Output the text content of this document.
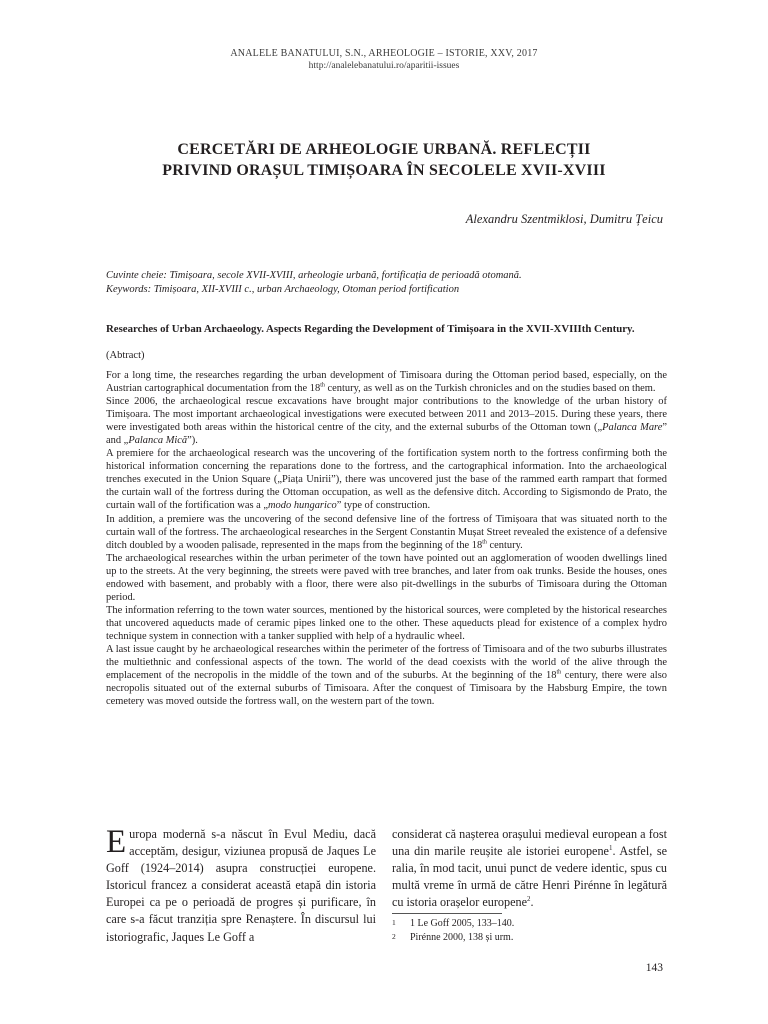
ANALELE BANATULUI, S.N., ARHEOLOGIE – ISTORIE, XXV, 2017
http://analelebanatului.ro/aparitii-issues
CERCETĂRI DE ARHEOLOGIE URBANĂ. REFLECȚII
PRIVIND ORAȘUL TIMIȘOARA ÎN SECOLELE XVII-XVIII
Alexandru Szentmiklosi, Dumitru Țeicu
Cuvinte cheie: Timișoara, secole XVII-XVIII, arheologie urbană, fortificația de perioadă otomană.
Keywords: Timișoara, XII-XVIII c., urban Archaeology, Otoman period fortification
Researches of Urban Archaeology. Aspects Regarding the Development of Timișoara in the XVII-XVIIIth Century.
(Abtract)

For a long time, the researches regarding the urban development of Timisoara during the Ottoman period based, especially, on the Austrian cartographical documentation from the 18th century, as well as on the Turkish chronicles and on the studies based on them.

Since 2006, the archaeological rescue excavations have brought major contributions to the knowledge of the urban history of Timișoara. The most important archaeological investigations were executed between 2011 and 2013–2015. During these years, there were investigated both areas within the historical centre of the city, and the external suburbs of the Ottoman town („Palanca Mare” and „Palanca Mică”).

A premiere for the archaeological research was the uncovering of the fortification system north to the fortress confirming both the historical information concerning the reparations done to the fortress, and the cartographical information. Into the archaeological trenches executed in the Union Square („Piața Unirii”), there was uncovered just the base of the rammed earth rampart that formed the curtain wall of the fortress during the Ottoman occupation, as well as the defensive ditch. According to Sigismondo de Prato, the curtain wall of the fortification was a „modo hungarico” type of construction.

In addition, a premiere was the uncovering of the second defensive line of the fortress of Timișoara that was situated north to the curtain wall of the fortress. The archaeological researches in the Sergent Constantin Mușat Street revealed the existence of a defensive ditch doubled by a wooden palisade, represented in the maps from the beginning of the 18th century.

The archaeological researches within the urban perimeter of the town have pointed out an agglomeration of wooden dwellings lined up to the streets. At the very beginning, the streets were paved with tree branches, and later from oak trunks. Beside the houses, ones endowed with basement, and probably with a floor, there were also pit-dwellings in the suburbs of Timisoara during the Ottoman period.

The information referring to the town water sources, mentioned by the historical sources, were completed by the historical researches that uncovered aqueducts made of ceramic pipes linked one to the other. These aqueducts plead for existence of a complex hydro technique system in connection with a tanker supplied with help of a hydraulic wheel.

A last issue caught by he archaeological researches within the perimeter of the fortress of Timisoara and of the two suburbs illustrates the multiethnic and confessional aspects of the town. The world of the dead coexists with the world of the alive through the emplacement of the necropolis in the middle of the town and of the suburbs. At the beginning of the 18th century, there were also necropolis situated out of the external suburbs of Timisoara. After the conquest of Timisoara by the Habsburg Empire, the town cemetery was moved outside the fortress wall, on the western part of the town.

Europa modernă s-a născut în Evul Mediu, dacă acceptăm, desigur, viziunea propusă de Jaques Le Goff (1924–2014) asupra construcției europene. Istoricul francez a considerat această etapă din istoria Europei ca pe o perioadă de progres și purificare, în care s-a făcut tranziția spre Renaștere. În discursul lui istoriografic, Jaques Le Goff a

considerat că nașterea orașului medieval european a fost una din marile reușite ale istoriei europene$^1$. Astfel, se ralia, în mod tacit, unui punct de vedere identic, spus cu multă vreme în urmă de către Henri Pirénne în legătură cu istoria orașelor europene$^2$.

1	1 Le Goff 2005, 133–140.
2	Pirénne 2000, 138 și urm.
143
